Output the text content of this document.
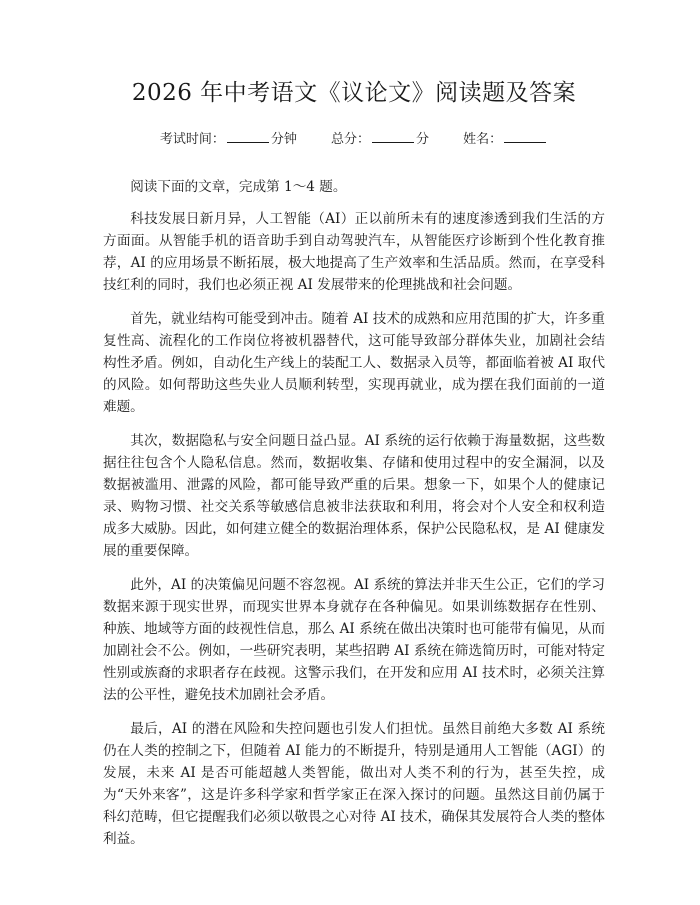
2026 年中考语文《议论文》阅读题及答案
考试时间：	分钟	总分：	分	姓名：

阅读下面的文章，完成第 1～4 题。

科技发展日新月异，人工智能（AI）正以前所未有的速度渗透到我们生活的方方面面。从智能手机的语音助手到自动驾驶汽车，从智能医疗诊断到个性化教育推荐，AI 的应用场景不断拓展，极大地提高了生产效率和生活品质。然而，在享受科技红利的同时，我们也必须正视 AI 发展带来的伦理挑战和社会问题。

首先，就业结构可能受到冲击。随着 AI 技术的成熟和应用范围的扩大，许多重复性高、流程化的工作岗位将被机器替代，这可能导致部分群体失业，加剧社会结构性矛盾。例如，自动化生产线上的装配工人、数据录入员等，都面临着被 AI 取代的风险。如何帮助这些失业人员顺利转型，实现再就业，成为摆在我们面前的一道难题。

其次，数据隐私与安全问题日益凸显。AI 系统的运行依赖于海量数据，这些数据往往包含个人隐私信息。然而，数据收集、存储和使用过程中的安全漏洞，以及数据被滥用、泄露的风险，都可能导致严重的后果。想象一下，如果个人的健康记录、购物习惯、社交关系等敏感信息被非法获取和利用，将会对个人安全和权利造成多大威胁。因此，如何建立健全的数据治理体系，保护公民隐私权，是 AI 健康发展的重要保障。

此外，AI 的决策偏见问题不容忽视。AI 系统的算法并非天生公正，它们的学习数据来源于现实世界，而现实世界本身就存在各种偏见。如果训练数据存在性别、种族、地域等方面的歧视性信息，那么 AI 系统在做出决策时也可能带有偏见，从而加剧社会不公。例如，一些研究表明，某些招聘 AI 系统在筛选简历时，可能对特定性别或族裔的求职者存在歧视。这警示我们，在开发和应用 AI 技术时，必须关注算法的公平性，避免技术加剧社会矛盾。

最后，AI 的潜在风险和失控问题也引发人们担忧。虽然目前绝大多数 AI 系统仍在人类的控制之下，但随着 AI 能力的不断提升，特别是通用人工智能（AGI）的发展，未来 AI 是否可能超越人类智能，做出对人类不利的行为，甚至失控，成为“天外来客”，这是许多科学家和哲学家正在深入探讨的问题。虽然这目前仍属于科幻范畴，但它提醒我们必须以敬畏之心对待 AI 技术，确保其发展符合人类的整体利益。
